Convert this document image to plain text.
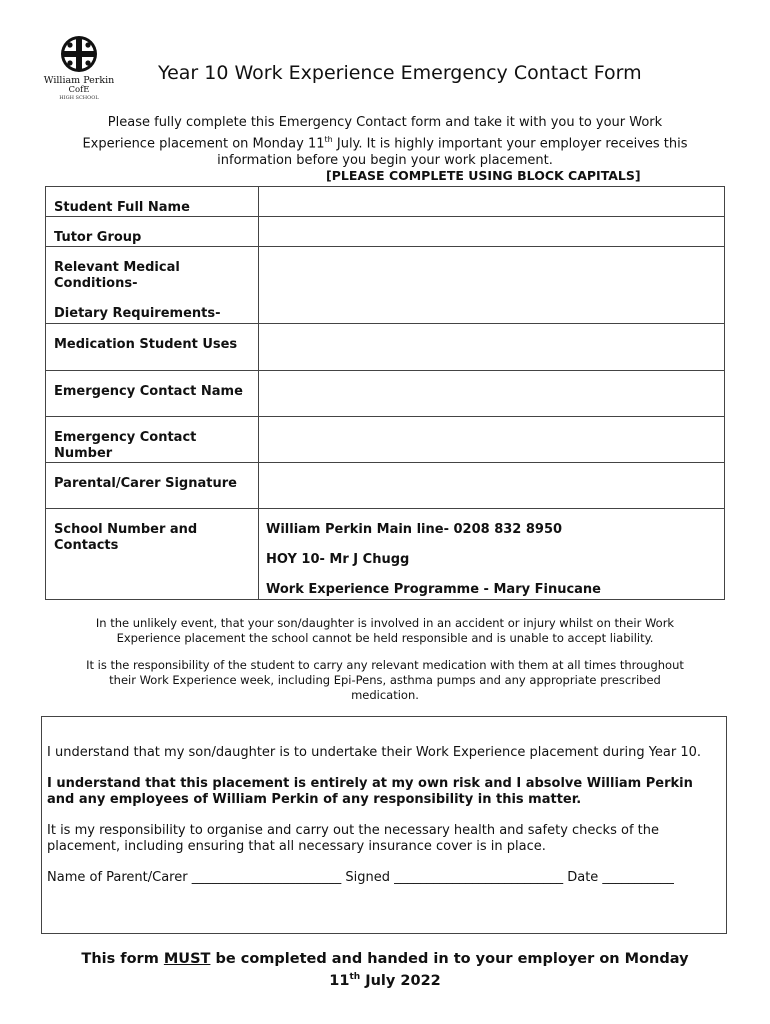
William Perkin
CofE
HIGH SCHOOL
Year 10 Work Experience Emergency Contact Form
Please fully complete this Emergency Contact form and take it with you to your Work
Experience placement on Monday 11th July. It is highly important your employer receives this
information before you begin your work placement.
[PLEASE COMPLETE USING BLOCK CAPITALS]
Student Full Name	

Tutor Group	

Relevant Medical Conditions-

Dietary Requirements-	

Medication Student Uses	

Emergency Contact Name	

Emergency Contact Number	

Parental/Carer Signature	

School Number and Contacts	William Perkin Main line- 0208 832 8950

HOY 10- Mr J Chugg

Work Experience Programme - Mary Finucane

In the unlikely event, that your son/daughter is involved in an accident or injury whilst on their Work
Experience placement the school cannot be held responsible and is unable to accept liability.
It is the responsibility of the student to carry any relevant medication with them at all times throughout
their Work Experience week, including Epi-Pens, asthma pumps and any appropriate prescribed
medication.

I understand that my son/daughter is to undertake their Work Experience placement during Year 10.

I understand that this placement is entirely at my own risk and I absolve William Perkin and any employees of William Perkin of any responsibility in this matter.

It is my responsibility to organise and carry out the necessary health and safety checks of the placement, including ensuring that all necessary insurance cover is in place.

Name of Parent/Carer _______________________ Signed __________________________ Date ___________

This form MUST be completed and handed in to your employer on Monday
11th July 2022
